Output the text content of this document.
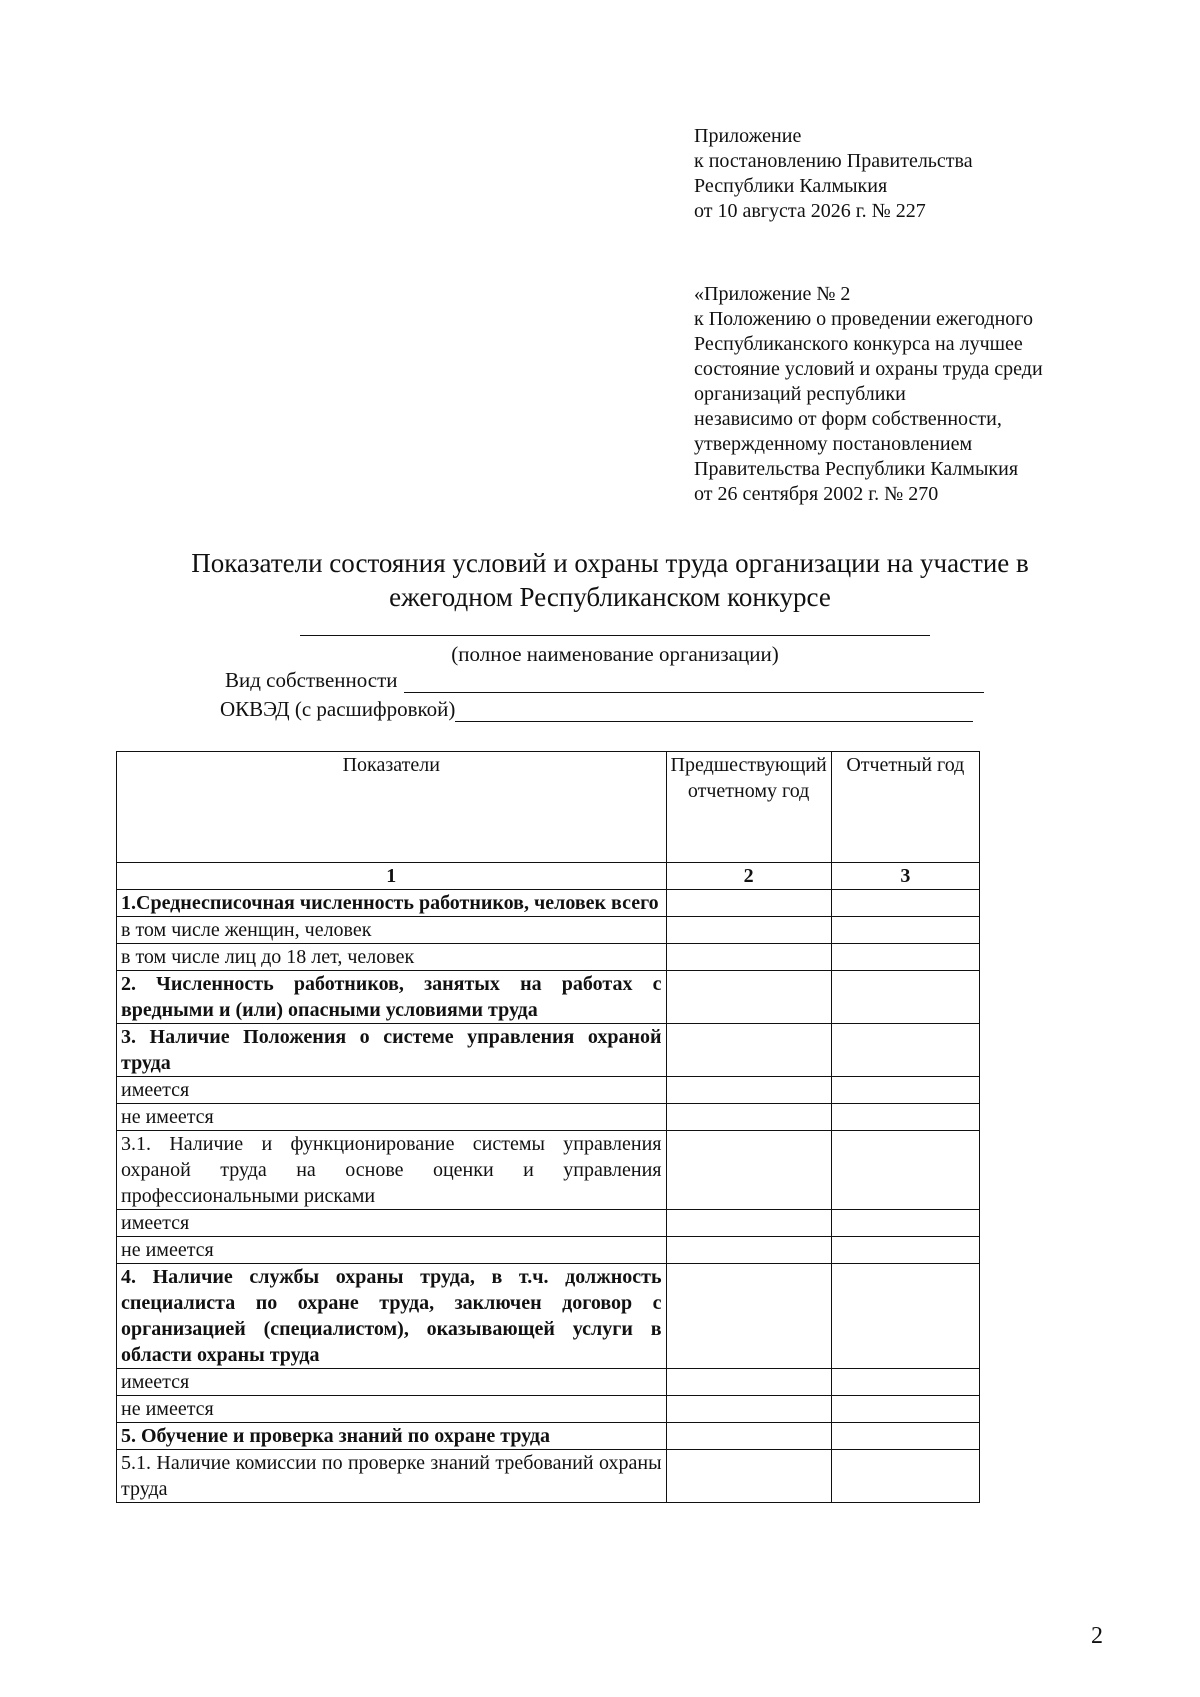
Приложение
к постановлению Правительства
Республики Калмыкия
от 10 августа 2026 г. № 227
«Приложение № 2
к Положению о проведении ежегодного
Республиканского конкурса на лучшее
состояние условий и охраны труда среди
организаций республики
независимо от форм собственности,
утвержденному постановлением
Правительства Республики Калмыкия
от 26 сентября 2002 г. № 270
Показатели состояния условий и охраны труда организации на участие в
ежегодном Республиканском конкурсе
(полное наименование организации)
Вид собственности
ОКВЭД (с расшифровкой)
Показатели	Предшествующий отчетному год	Отчетный год
1	2	3
1.Среднесписочная численность работников, человек всего		
в том числе женщин, человек		
в том числе лиц до 18 лет, человек		
2. Численность работников, занятых на работах с вредными и (или) опасными условиями труда		
3. Наличие Положения о системе управления охраной труда		
имеется		
не имеется		
3.1. Наличие и функционирование системы управления охраной труда на основе оценки и управления профессиональными рисками		
имеется		
не имеется		
4. Наличие службы охраны труда, в т.ч. должность специалиста по охране труда, заключен договор с организацией (специалистом), оказывающей услуги в области охраны труда		
имеется		
не имеется		
5. Обучение и проверка знаний по охране труда		
5.1. Наличие комиссии по проверке знаний требований охраны труда		
2
